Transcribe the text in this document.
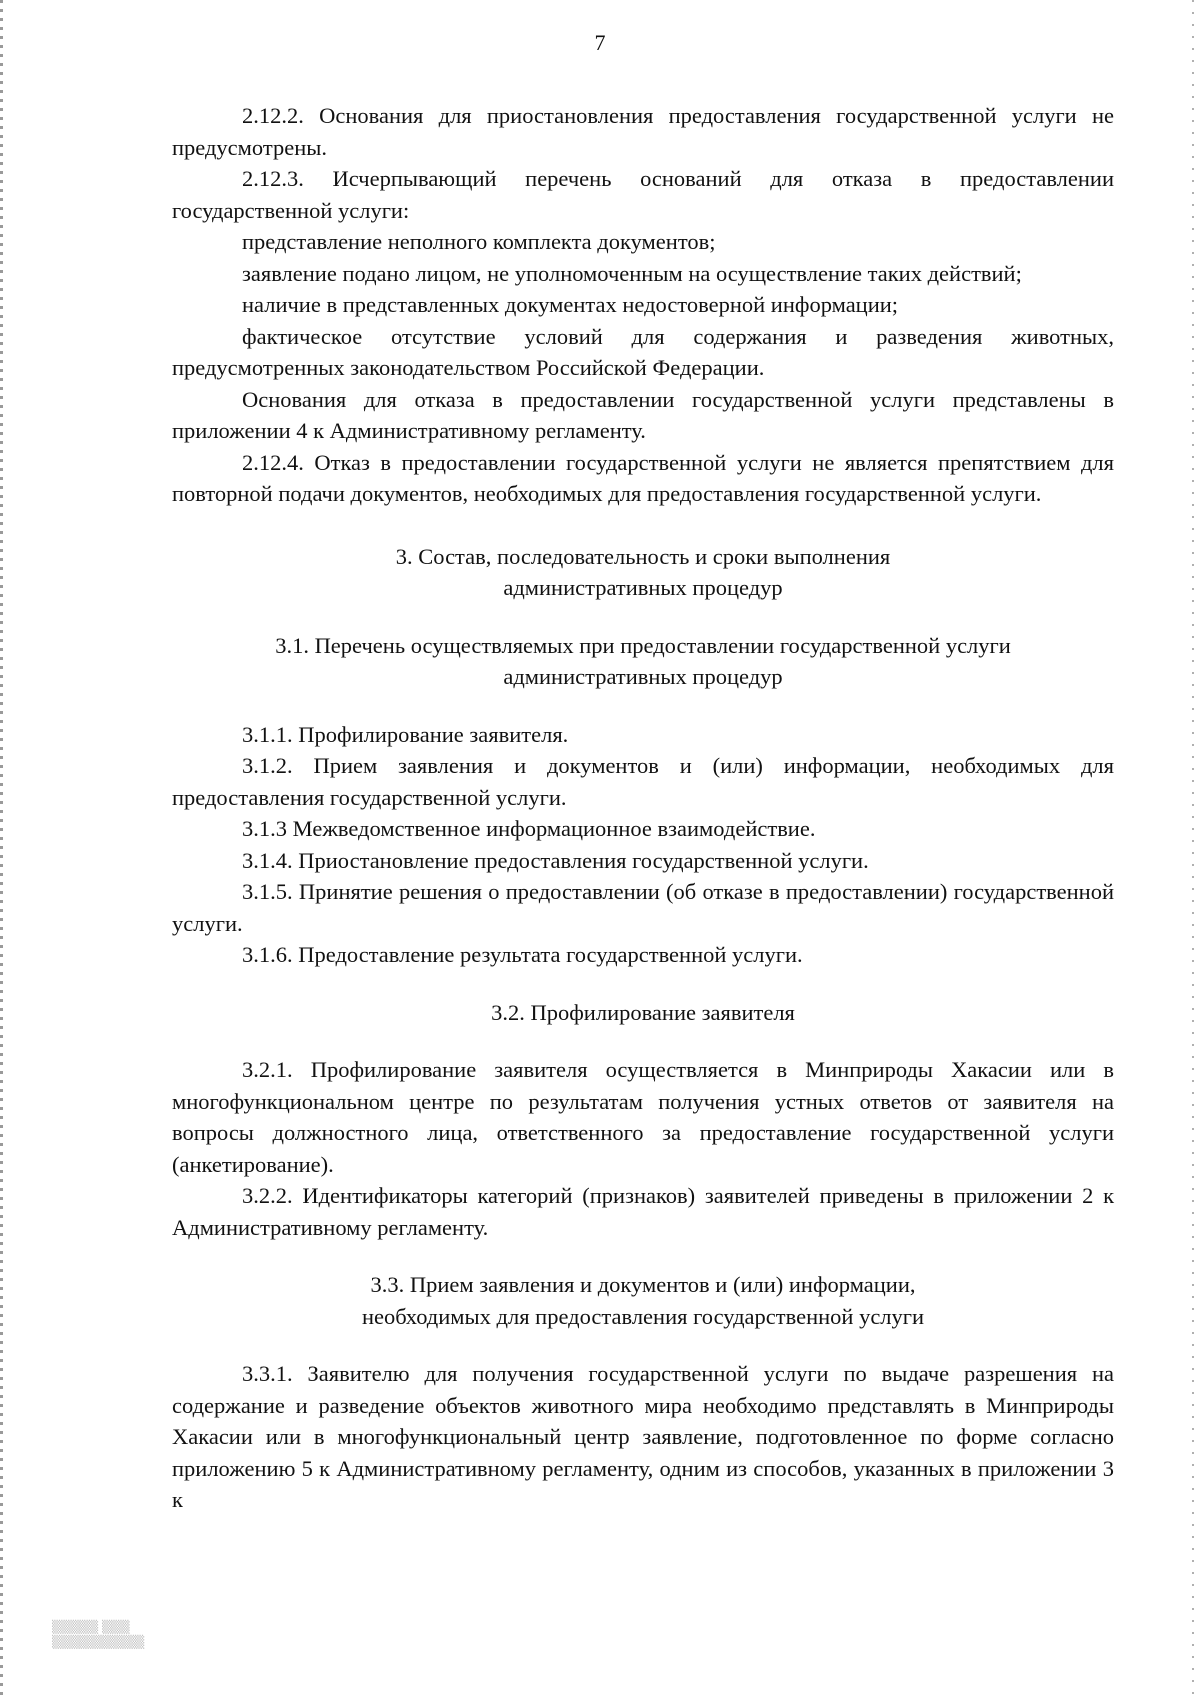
7

2.12.2. Основания для приостановления предоставления государственной услуги не предусмотрены.

2.12.3. Исчерпывающий перечень оснований для отказа в предоставлении государственной услуги:

представление неполного комплекта документов;

заявление подано лицом, не уполномоченным на осуществление таких действий;

наличие в представленных документах недостоверной информации;

фактическое отсутствие условий для содержания и разведения животных, предусмотренных законодательством Российской Федерации.

Основания для отказа в предоставлении государственной услуги представлены в приложении 4 к Административному регламенту.

2.12.4. Отказ в предоставлении государственной услуги не является препятствием для повторной подачи документов, необходимых для предоставления государственной услуги.

3. Состав, последовательность и сроки выполнения
административных процедур
3.1. Перечень осуществляемых при предоставлении государственной услуги
административных процедур

3.1.1. Профилирование заявителя.

3.1.2. Прием заявления и документов и (или) информации, необходимых для предоставления государственной услуги.

3.1.3 Межведомственное информационное взаимодействие.

3.1.4. Приостановление предоставления государственной услуги.

3.1.5. Принятие решения о предоставлении (об отказе в предоставлении) государственной услуги.

3.1.6. Предоставление результата государственной услуги.

3.2. Профилирование заявителя

3.2.1. Профилирование заявителя осуществляется в Минприроды Хакасии или в многофункциональном центре по результатам получения устных ответов от заявителя на вопросы должностного лица, ответственного за предоставление государственной услуги (анкетирование).

3.2.2. Идентификаторы категорий (признаков) заявителей приведены в приложении 2 к Административному регламенту.

3.3. Прием заявления и документов и (или) информации,
необходимых для предоставления государственной услуги

3.3.1. Заявителю для получения государственной услуги по выдаче разрешения на содержание и разведение объектов животного мира необходимо представлять в Минприроды Хакасии или в многофункциональный центр заявление, подготовленное по форме согласно приложению 5 к Административному регламенту, одним из способов, указанных в приложении 3 к

▒▒▒▒▒ ▒▒▒
▒▒▒▒▒▒▒▒▒▒
